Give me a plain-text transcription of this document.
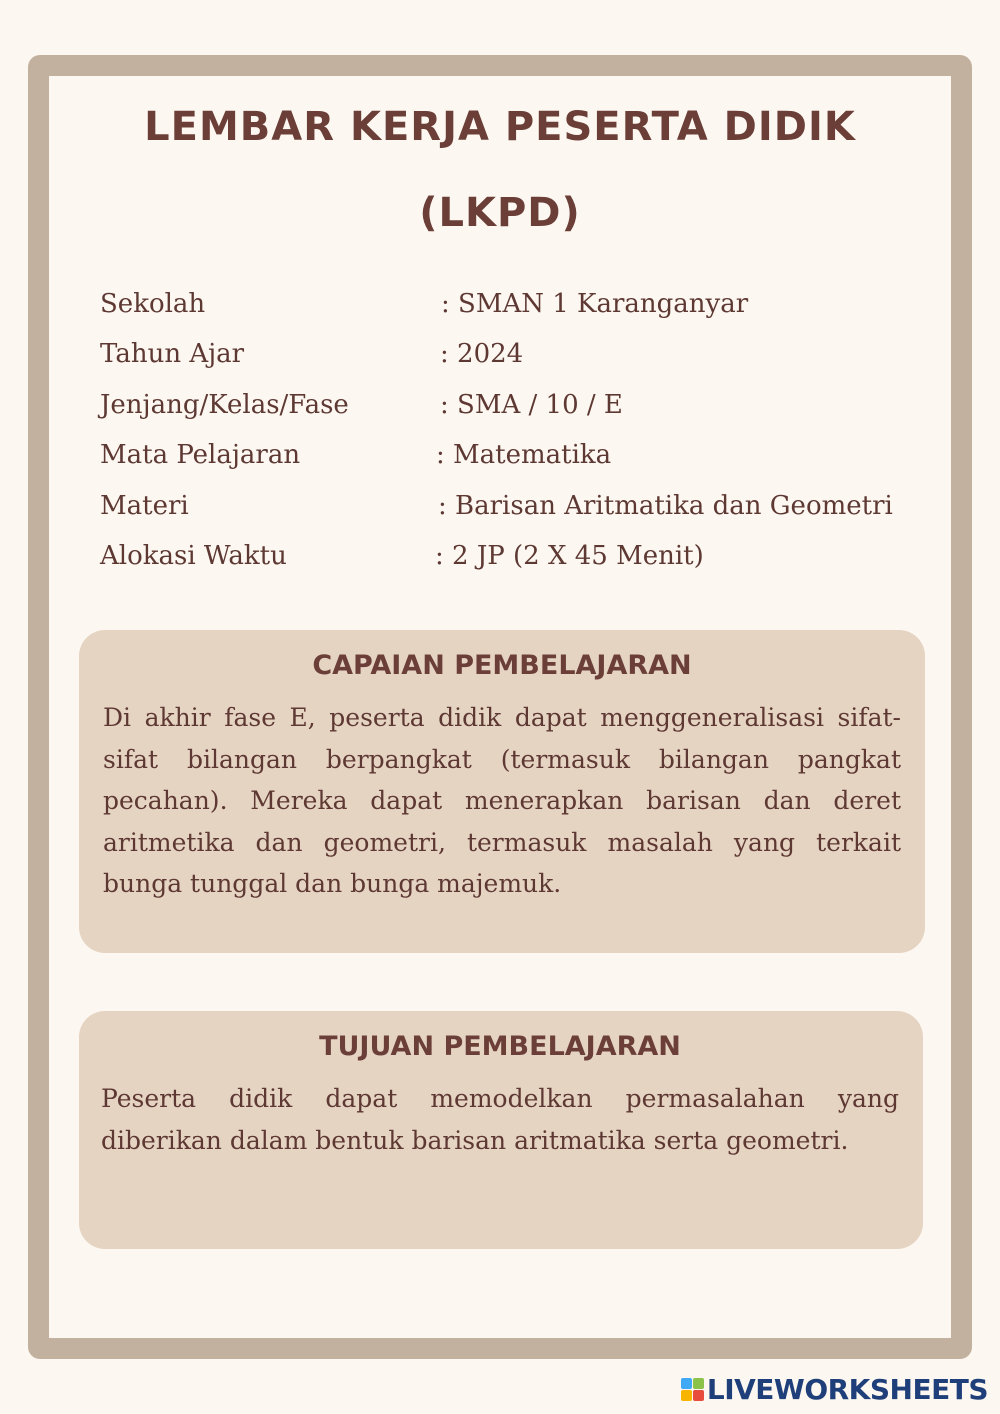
LEMBAR KERJA PESERTA DIDIK
(LKPD)
Sekolah	: SMAN 1 Karanganyar
Tahun Ajar	: 2024
Jenjang/Kelas/Fase	: SMA / 10 / E
Mata Pelajaran	: Matematika
Materi	: Barisan Aritmatika dan Geometri
Alokasi Waktu	: 2 JP (2 X 45 Menit)
CAPAIAN PEMBELAJARAN

Di akhir fase E, peserta didik dapat menggeneralisasi sifat-sifat bilangan berpangkat (termasuk bilangan pangkat pecahan). Mereka dapat menerapkan barisan dan deret aritmetika dan geometri, termasuk masalah yang terkait bunga tunggal dan bunga majemuk.

TUJUAN PEMBELAJARAN

Peserta didik dapat memodelkan permasalahan yang diberikan dalam bentuk barisan aritmatika serta geometri.

LIVEWORKSHEETS
